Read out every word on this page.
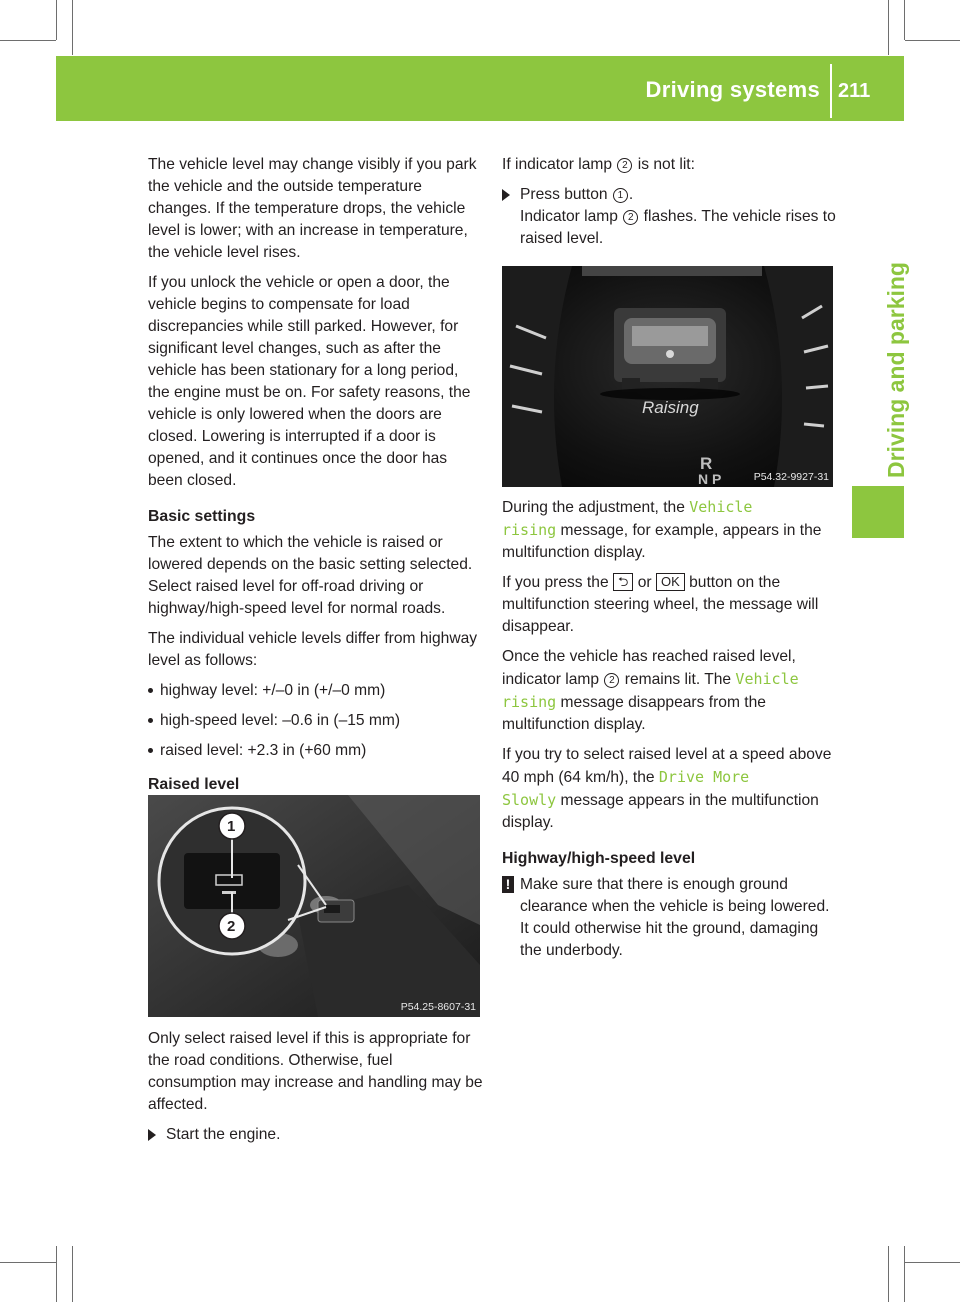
Driving systems 211
Driving and parking

The vehicle level may change visibly if you park the vehicle and the outside temperature changes. If the temperature drops, the vehicle level is lower; with an increase in temperature, the vehicle level rises.

If you unlock the vehicle or open a door, the vehicle begins to compensate for load discrepancies while still parked. However, for significant level changes, such as after the vehicle has been stationary for a long period, the engine must be on. For safety reasons, the vehicle is only lowered when the doors are closed. Lowering is interrupted if a door is opened, and it continues once the door has been closed.

Basic settings

The extent to which the vehicle is raised or lowered depends on the basic setting selected. Select raised level for off-road driving or highway/high-speed level for normal roads.

The individual vehicle levels differ from highway level as follows:

highway level: +/–0 in (+/–0 mm)
high-speed level: –0.6 in (–15 mm)
raised level: +2.3 in (+60 mm)
Raised level
1
2
P54.25-8607-31

Only select raised level if this is appropriate for the road conditions. Otherwise, fuel consumption may increase and handling may be affected.

Start the engine.

If indicator lamp 2 is not lit:

Press button 1 .

Indicator lamp 2 flashes. The vehicle rises to raised level.

Raising
R
N P	P54.32-9927-31

During the adjustment, the Vehicle
rising message, for example, appears in the multifunction display.

If you press the ⮌ or OK button on the multifunction steering wheel, the message will disappear.

Once the vehicle has reached raised level, indicator lamp 2 remains lit. The Vehicle
rising message disappears from the multifunction display.

If you try to select raised level at a speed above 40 mph (64 km/h), the Drive More
Slowly message appears in the multifunction display.

Highway/high-speed level
! Make sure that there is enough ground clearance when the vehicle is being lowered. It could otherwise hit the ground, damaging the underbody.
